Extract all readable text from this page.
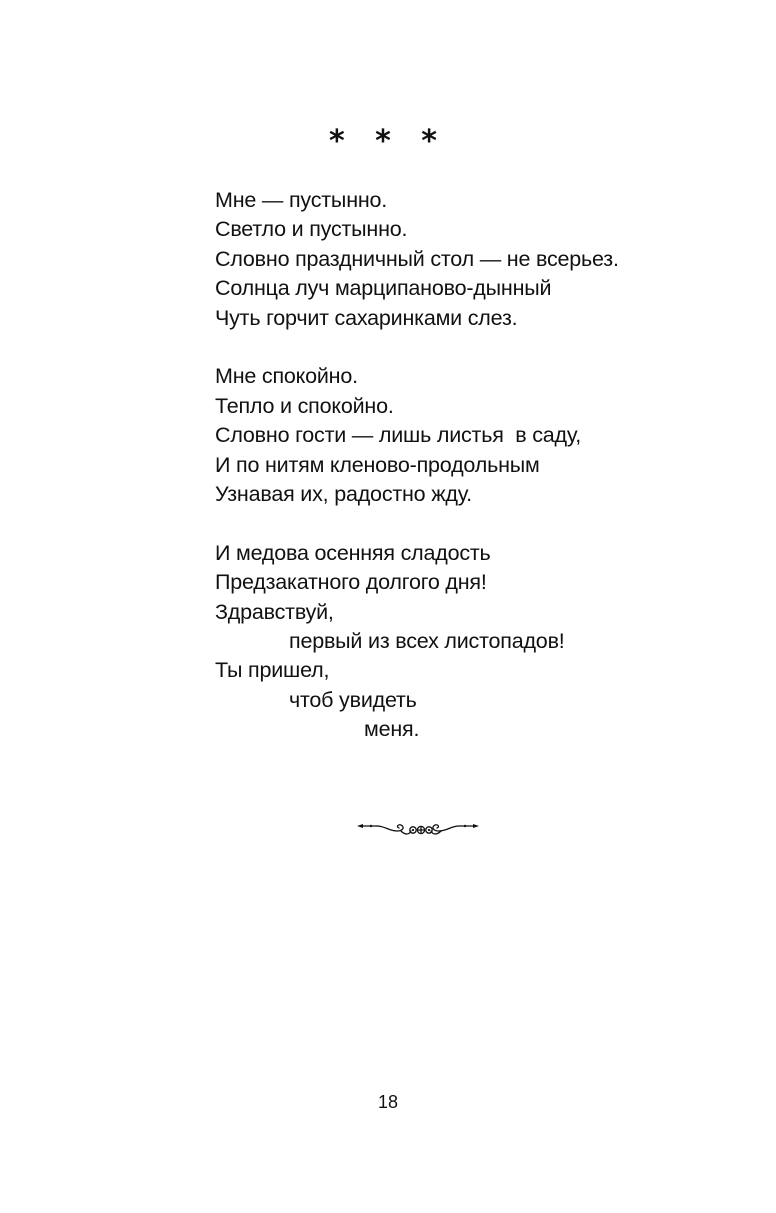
* * *
Мне — пустынно.
Светло и пустынно.
Словно праздничный стол — не всерьез.
Солнца луч марципаново-дынный
Чуть горчит сахаринками слез.
Мне спокойно.
Тепло и спокойно.
Словно гости — лишь листья  в саду,
И по нитям кленово-продольным
Узнавая их, радостно жду.
И медова осенняя сладость
Предзакатного долгого дня!
Здравствуй,
первый из всех листопадов!
Ты пришел,
чтоб увидеть
меня.
18
